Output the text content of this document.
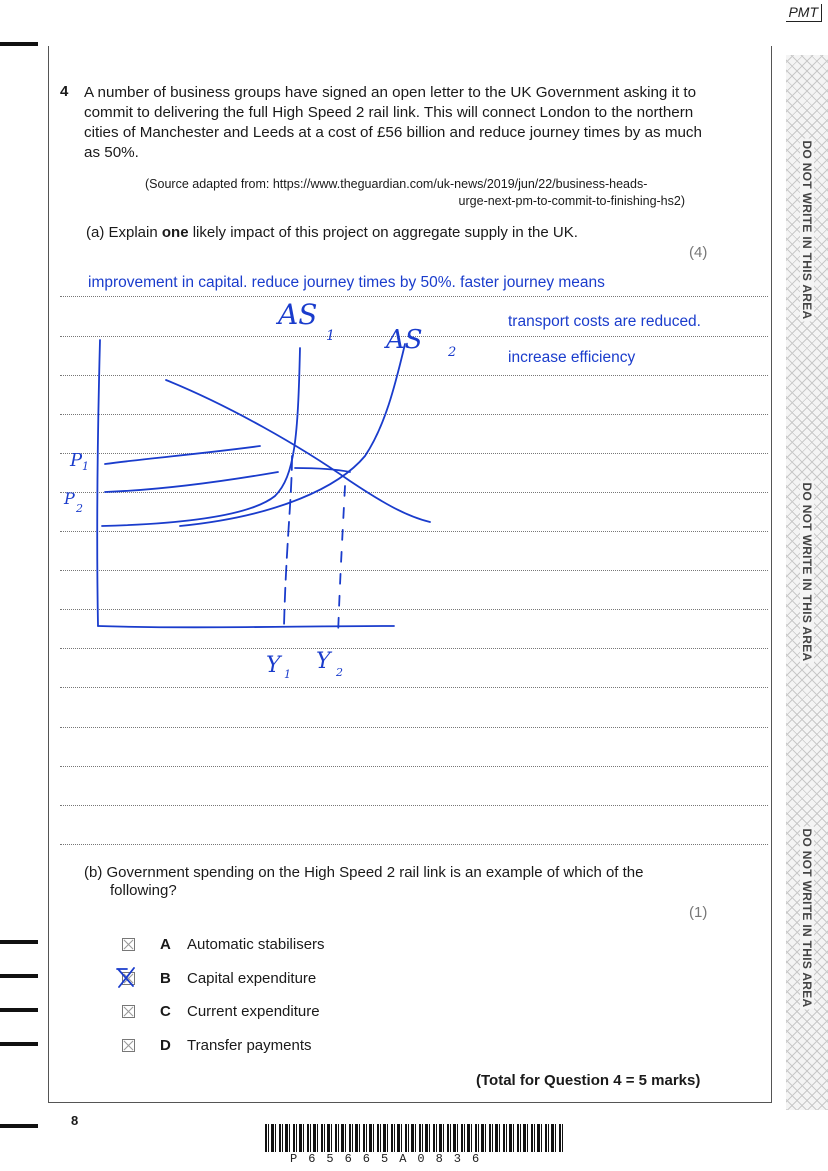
PMT
DO NOT WRITE IN THIS AREA
DO NOT WRITE IN THIS AREA
DO NOT WRITE IN THIS AREA
4 A number of business groups have signed an open letter to the UK Government asking it to commit to delivering the full High Speed 2 rail link. This will connect London to the northern cities of Manchester and Leeds at a cost of £56 billion and reduce journey times by as much as 50%.
(Source adapted from: https://www.theguardian.com/uk-news/2019/jun/22/business-heads-
urge-next-pm-to-commit-to-finishing-hs2)
(a) Explain one likely impact of this project on aggregate supply in the UK.
(4)
improvement in capital. reduce journey times by 50%. faster journey means
transport costs are reduced.
increase efficiency
AS
1 AS 2
P 1
P
2
Y 1
Y 2
(b) Government spending on the High Speed 2 rail link is an example of which of the
following?
(1)
A Automatic stabilisers
B Capital expenditure
C Current expenditure
D Transfer payments
(Total for Question 4 = 5 marks)
8
P65665A0836
